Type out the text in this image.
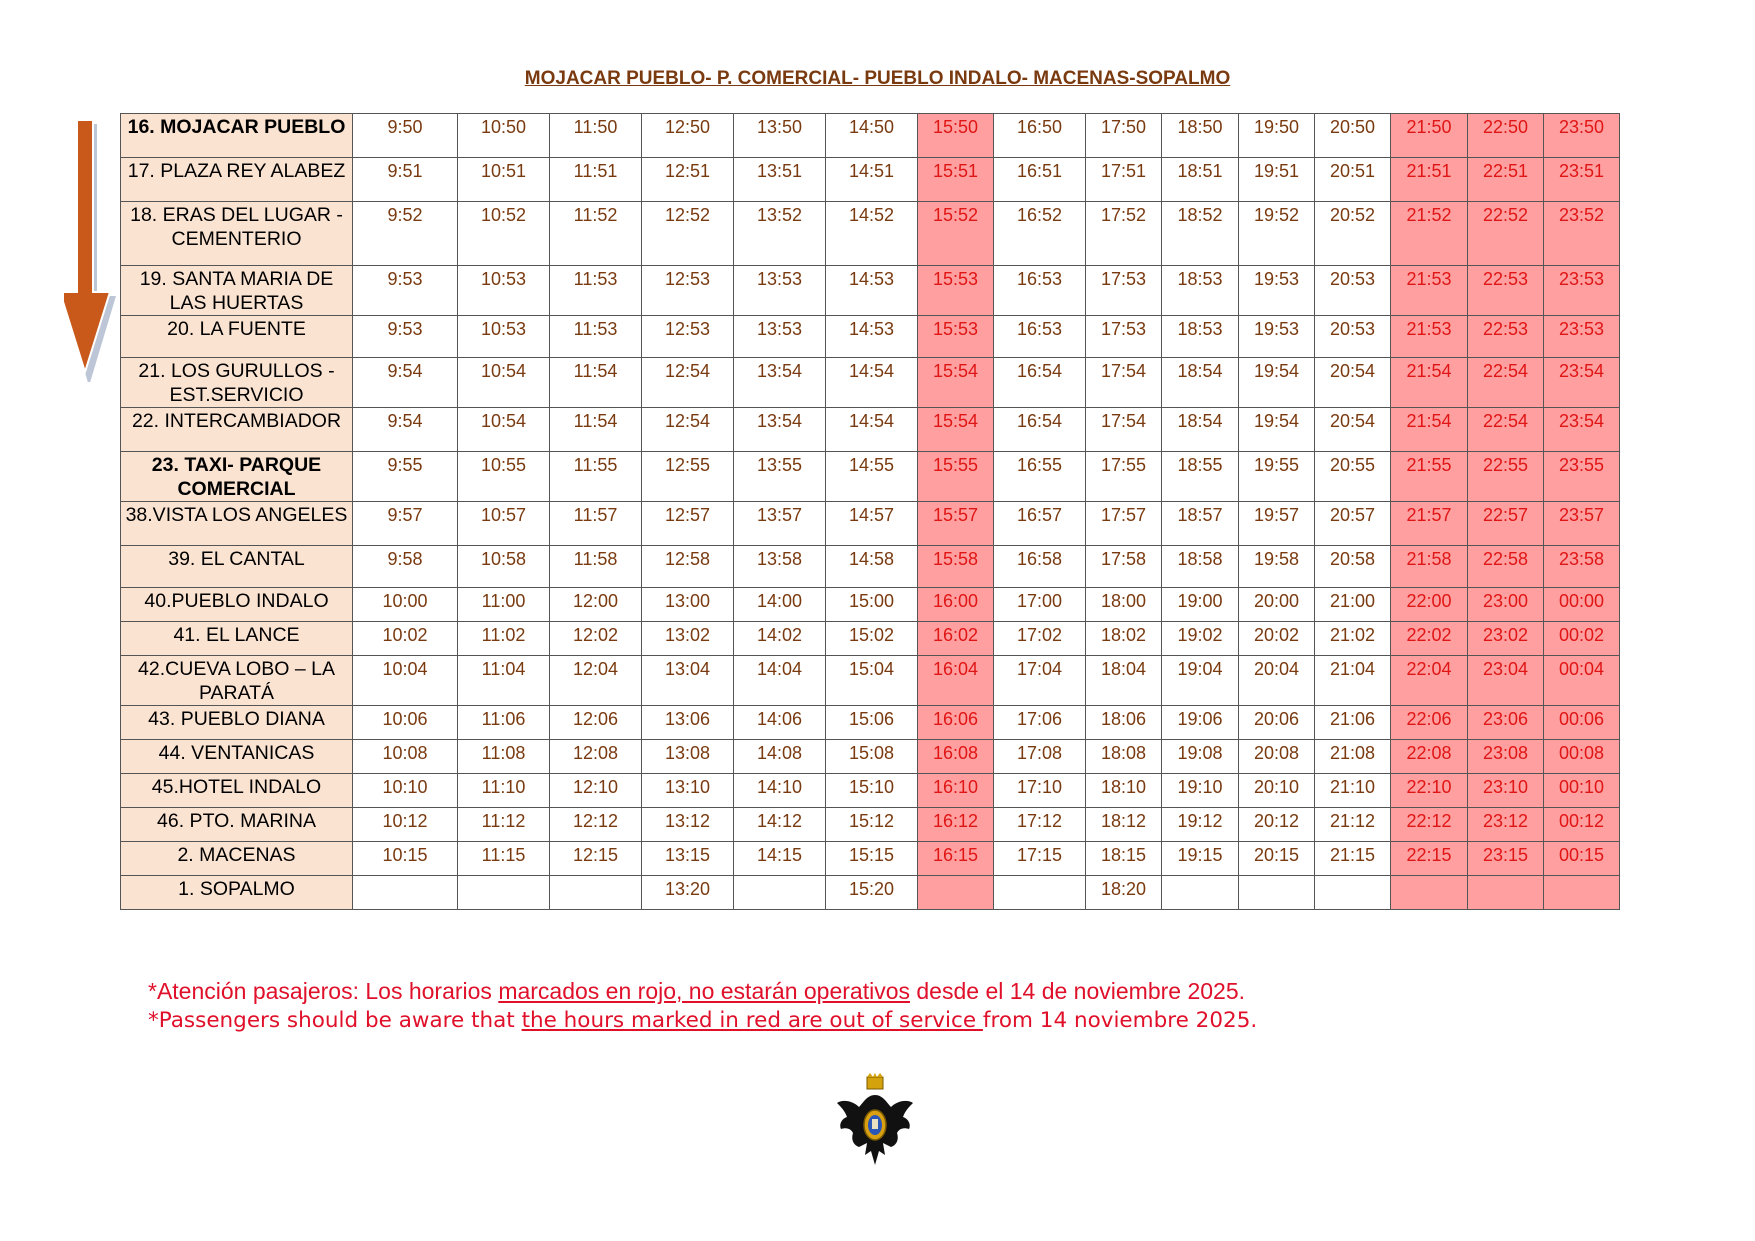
MOJACAR PUEBLO- P. COMERCIAL- PUEBLO INDALO- MACENAS-SOPALMO
16. MOJACAR PUEBLO	9:50	10:50	11:50	12:50	13:50	14:50	15:50	16:50	17:50	18:50	19:50	20:50	21:50	22:50	23:50
17. PLAZA REY ALABEZ	9:51	10:51	11:51	12:51	13:51	14:51	15:51	16:51	17:51	18:51	19:51	20:51	21:51	22:51	23:51
18. ERAS DEL LUGAR - CEMENTERIO	9:52	10:52	11:52	12:52	13:52	14:52	15:52	16:52	17:52	18:52	19:52	20:52	21:52	22:52	23:52
19. SANTA MARIA DE LAS HUERTAS	9:53	10:53	11:53	12:53	13:53	14:53	15:53	16:53	17:53	18:53	19:53	20:53	21:53	22:53	23:53
20. LA FUENTE	9:53	10:53	11:53	12:53	13:53	14:53	15:53	16:53	17:53	18:53	19:53	20:53	21:53	22:53	23:53
21. LOS GURULLOS - EST.SERVICIO	9:54	10:54	11:54	12:54	13:54	14:54	15:54	16:54	17:54	18:54	19:54	20:54	21:54	22:54	23:54
22. INTERCAMBIADOR	9:54	10:54	11:54	12:54	13:54	14:54	15:54	16:54	17:54	18:54	19:54	20:54	21:54	22:54	23:54
23. TAXI- PARQUE COMERCIAL	9:55	10:55	11:55	12:55	13:55	14:55	15:55	16:55	17:55	18:55	19:55	20:55	21:55	22:55	23:55
38.VISTA LOS ANGELES	9:57	10:57	11:57	12:57	13:57	14:57	15:57	16:57	17:57	18:57	19:57	20:57	21:57	22:57	23:57
39. EL CANTAL	9:58	10:58	11:58	12:58	13:58	14:58	15:58	16:58	17:58	18:58	19:58	20:58	21:58	22:58	23:58
40.PUEBLO INDALO	10:00	11:00	12:00	13:00	14:00	15:00	16:00	17:00	18:00	19:00	20:00	21:00	22:00	23:00	00:00
41. EL LANCE	10:02	11:02	12:02	13:02	14:02	15:02	16:02	17:02	18:02	19:02	20:02	21:02	22:02	23:02	00:02
42.CUEVA LOBO – LA PARATÁ	10:04	11:04	12:04	13:04	14:04	15:04	16:04	17:04	18:04	19:04	20:04	21:04	22:04	23:04	00:04
43. PUEBLO DIANA	10:06	11:06	12:06	13:06	14:06	15:06	16:06	17:06	18:06	19:06	20:06	21:06	22:06	23:06	00:06
44. VENTANICAS	10:08	11:08	12:08	13:08	14:08	15:08	16:08	17:08	18:08	19:08	20:08	21:08	22:08	23:08	00:08
45.HOTEL INDALO	10:10	11:10	12:10	13:10	14:10	15:10	16:10	17:10	18:10	19:10	20:10	21:10	22:10	23:10	00:10
46. PTO. MARINA	10:12	11:12	12:12	13:12	14:12	15:12	16:12	17:12	18:12	19:12	20:12	21:12	22:12	23:12	00:12
2. MACENAS	10:15	11:15	12:15	13:15	14:15	15:15	16:15	17:15	18:15	19:15	20:15	21:15	22:15	23:15	00:15
1. SOPALMO				13:20		15:20			18:20						
*Atención pasajeros: Los horarios marcados en rojo, no estarán operativos desde el 14 de noviembre 2025.
*Passengers should be aware that the hours marked in red are out of service from 14 noviembre 2025.
